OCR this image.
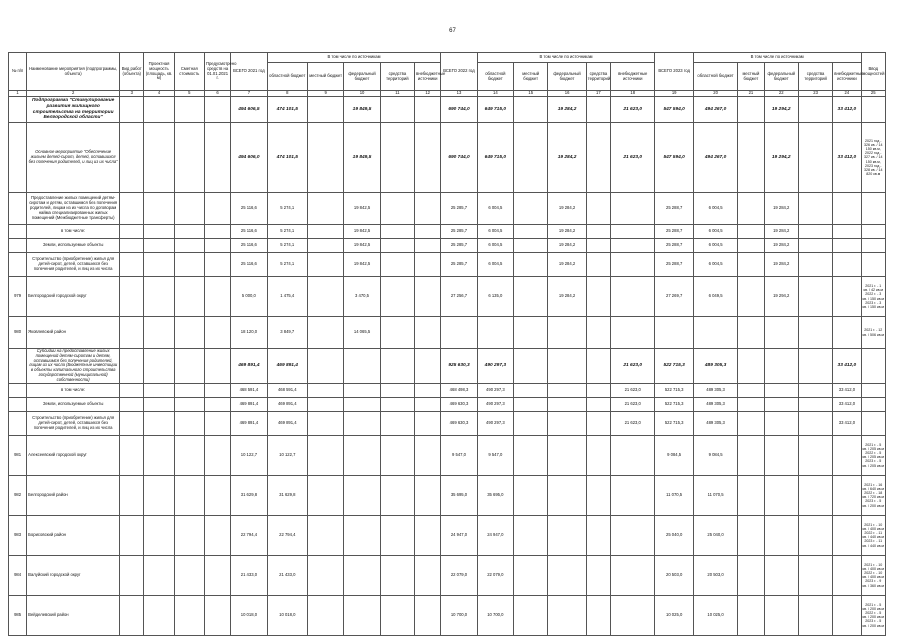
67
№ п/п	Наименование мероприятия (подпрограммы, объекта)	Вид работ (объекта)	Проектная мощность (площадь, кв. м)	Сметная стоимость	Предусмотрено средств на 01.01.2021 г.	ВСЕГО 2021 год	В том числе по источникам					ВСЕГО 2022 год	В том числе по источникам					ВСЕГО 2023 год	В том числе по источникам					Ввод мощностей
							областной бюджет	местный бюджет	федеральный бюджет	средства территорий	внебюджетные источники		областной бюджет	местный бюджет	федеральный бюджет	средства территорий	внебюджетные источники		областной бюджет	местный бюджет	федеральный бюджет	средства территорий	внебюджетные источники	
1	2	3	4	5	6	7	8	9	10	11	12	13	14	15	16	17	18	19	20	21	22	23	24	25
	Подпрограмма "Стимулирование развития жилищного строительства на территории Белгородской области"					494 606,5	474 101,5		19 849,5			690 744,0	649 715,0		19 284,2		21 623,0	547 594,0	494 267,0		19 294,2		33 412,0	
	Основное мероприятие "Обеспечение жильем детей-сирот, детей, оставшихся без попечения родителей, и лиц из их числа"					494 606,0	474 101,5		19 849,5			690 744,0	649 715,0		19 284,2		21 623,0	547 594,0	494 267,0		19 294,2		33 412,0	2021 год - 326 кв. / 14 150 кв.м, 2022 год - 327 кв. / 14 150 кв.м, 2023 год - 328 кв. / 14 820 кв.м
	Предоставление жилых помещений детям-сиротам и детям, оставшимся без попечения родителей, лицам из их числа по договорам найма специализированных жилых помещений (Межбюджетные трансферты)					25 116,6	5 274,1		19 842,5			25 285,7	6 004,5		19 284,2			25 288,7	6 004,5		19 284,2			
	в том числе:					25 116,6	5 274,1		19 842,5			25 285,7	6 004,5		19 284,2			25 288,7	6 004,5		19 284,2			
	Земли, используемые объекты					25 116,6	5 274,1		19 842,5			25 285,7	6 004,5		19 284,2			25 288,7	6 004,5		19 284,2			
	Строительство (приобретение) жилья для детей-сирот, детей, оставшихся без попечения родителей, и лиц из их числа					25 116,6	5 274,1		19 842,5			25 285,7	6 004,5		19 284,2			25 288,7	6 004,5		19 284,2			
979	Белгородский городской округ					5 000,0	1 475,4		3 470,5			27 256,7	6 135,0		19 284,2			27 269,7	6 049,5		19 294,2			2021 г. - 1 кв. / 42 кв.м 2022 г. - 3 кв. / 150 кв.м 2023 г. - 3 кв. / 150 кв.м
980	Яковлевский район					18 120,0	3 849,7		14 065,5															2021 г. - 12 кв. / 506 кв.м
	Субсидии на предоставление жилых помещений детям-сиротам и детям, оставшимся без попечения родителей, лицам из их числа (Бюджетные инвестиции в объекты капитального строительства государственной (муниципальной) собственности)					469 891,4	469 891,4					925 630,3	490 297,3				21 623,0	522 715,3	489 305,3				33 412,0	
	в том числе:					468 591,4	468 591,4					468 498,3	490 297,3				21 623,0	522 715,3	489 305,3				33 412,0	
	Земли, используемые объекты					469 891,4	469 891,4					469 630,3	490 297,3				21 623,0	522 715,3	489 305,3				33 412,0	
	Строительство (приобретение) жилья для детей-сирот, детей, оставшихся без попечения родителей, и лиц из их числа					469 891,4	469 891,4					469 630,3	490 297,3				21 623,0	522 715,3	489 305,3				33 412,0	
981	Алексеевский городской округ					10 122,7	10 122,7					9 547,0	9 547,0					9 084,5	9 084,5					2021 г. - 5 кв. / 205 кв.м 2022 г. - 5 кв. / 205 кв.м 2023 г. - 5 кв. / 205 кв.м
982	Белгородский район					31 629,8	31 629,8					35 695,0	35 695,0					11 070,5	11 070,5					2021 г. - 16 кв. / 640 кв.м 2022 г. - 18 кв. / 720 кв.м 2023 г. - 5 кв. / 200 кв.м
983	Борисовский район					22 794,4	22 794,4					24 947,0	24 947,0					25 040,0	25 040,0					2021 г. - 10 кв. / 400 кв.м 2022 г. - 11 кв. / 440 кв.м 2023 г. - 11 кв. / 440 кв.м
984	Валуйский городской округ					21 433,0	21 433,0					22 079,0	22 079,0					20 503,0	20 503,0					2021 г. - 10 кв. / 400 кв.м 2022 г. - 10 кв. / 400 кв.м 2023 г. - 9 кв. / 360 кв.м
985	Вейделевский район					10 018,0	10 018,0					10 700,0	10 700,0					10 025,0	10 025,0					2021 г. - 5 кв. / 200 кв.м 2022 г. - 5 кв. / 200 кв.м 2023 г. - 5 кв. / 200 кв.м
